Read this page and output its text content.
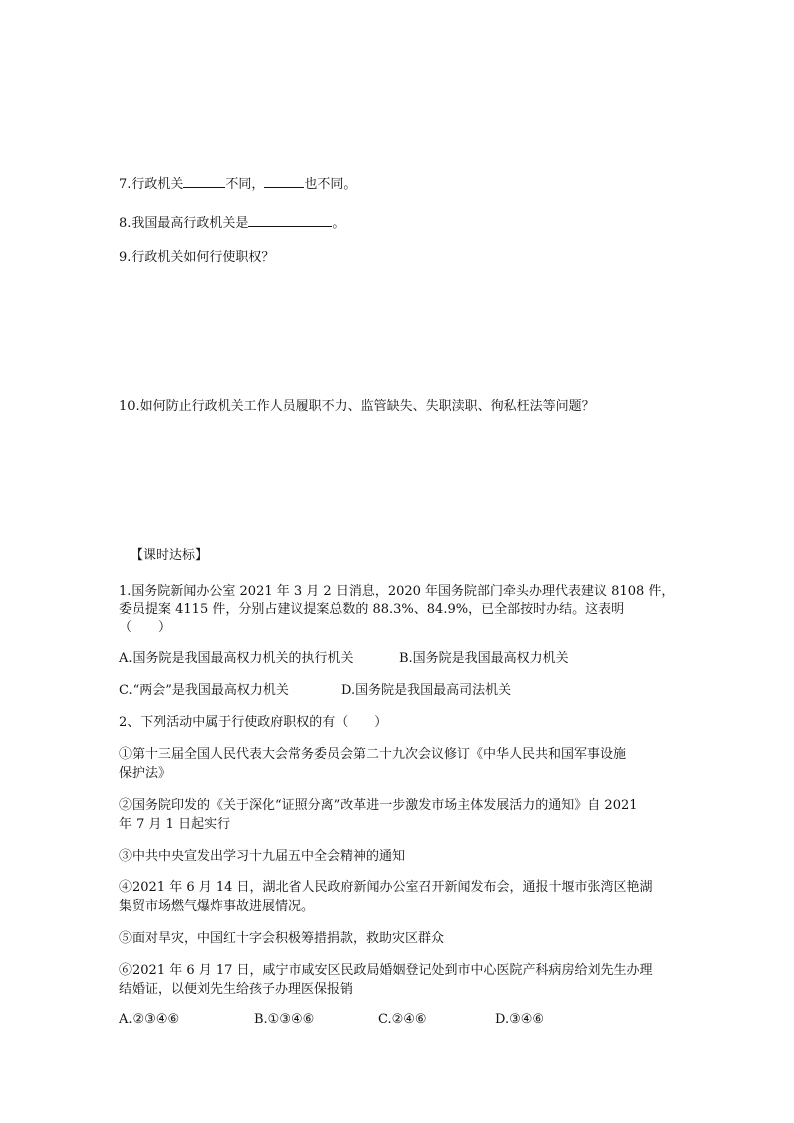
7.行政机关	不同，	也不同。
8.我国最高行政机关是	。
9.行政机关如何行使职权？
10.如何防止行政机关工作人员履职不力、监管缺失、失职渎职、徇私枉法等问题？
【课时达标】
1.国务院新闻办公室 2021 年 3 月 2 日消息，2020 年国务院部门牵头办理代表建议 8108 件，
委员提案 4115 件，分别占建议提案总数的 88.3%、84.9%，已全部按时办结。这表明
（　　）
A.国务院是我国最高权力机关的执行机关	B.国务院是我国最高权力机关
C.“两会”是我国最高权力机关	D.国务院是我国最高司法机关
2、下列活动中属于行使政府职权的有（　　）
①第十三届全国人民代表大会常务委员会第二十九次会议修订《中华人民共和国军事设施
保护法》
②国务院印发的《关于深化“证照分离”改革进一步激发市场主体发展活力的通知》自 2021
年 7 月 1 日起实行
③中共中央宣发出学习十九届五中全会精神的通知
④2021 年 6 月 14 日，湖北省人民政府新闻办公室召开新闻发布会，通报十堰市张湾区艳湖
集贸市场燃气爆炸事故进展情况。
⑤面对旱灾，中国红十字会积极筹措捐款，救助灾区群众
⑥2021 年 6 月 17 日，咸宁市咸安区民政局婚姻登记处到市中心医院产科病房给刘先生办理
结婚证，以便刘先生给孩子办理医保报销
A.②③④⑥	B.①③④⑥	C.②④⑥	D.③④⑥
